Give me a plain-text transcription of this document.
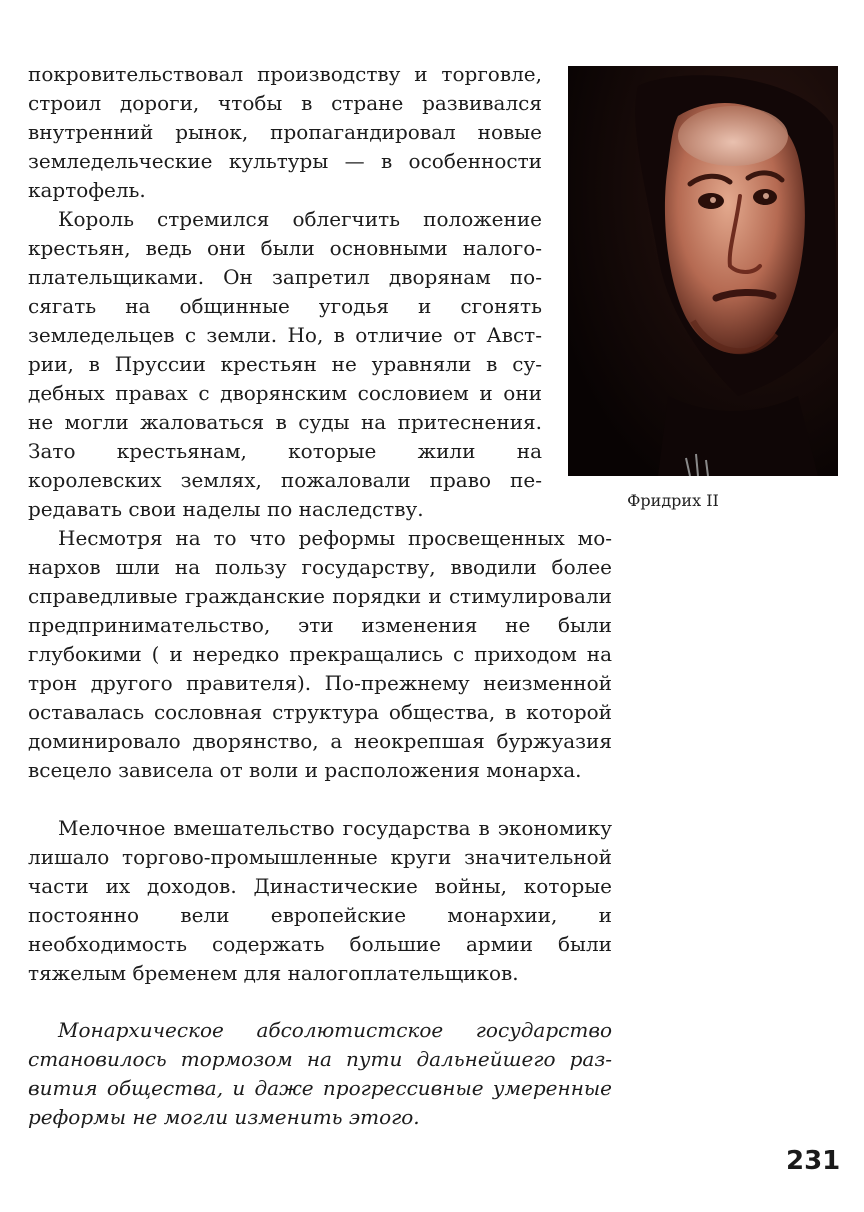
покровительствовал производству и торговле, строил дороги, чтобы в стране развивался внутренний рынок, пропагандировал новые земледельческие культуры — в особенности картофель.

Король стремился облегчить положение крестьян, ведь они были основными налогоплательщиками. Он запретил дворянам посягать на общинные угодья и сгонять земледельцев с земли. Но, в отличие от Австрии, в Пруссии крестьян не уравняли в судебных правах с дворянским сословием и они не могли жаловаться в суды на притеснения. Зато крестьянам, которые жили на королевских землях, пожаловали право передавать свои наделы по наследству.	Фридрих II

Несмотря на то что реформы просвещенных монархов шли на пользу государству, вводили более справедливые гражданские порядки и стимулировали предпринимательство, эти изменения не были глубокими ( и нередко прекращались с приходом на трон другого правителя). По-прежнему неизменной оставалась сословная структура общества, в которой доминировало дворянство, а неокрепшая буржуазия всецело зависела от воли и расположения монарха.

Мелочное вмешательство государства в экономику лишало торгово-промышленные круги значительной части их доходов. Династические войны, которые постоянно вели европейские монархии, и необходимость содержать большие армии были тяжелым бременем для налогоплательщиков.

Монархическое абсолютистское государство становилось тормозом на пути дальнейшего развития общества, и даже прогрессивные умеренные реформы не могли изменить этого.

231
